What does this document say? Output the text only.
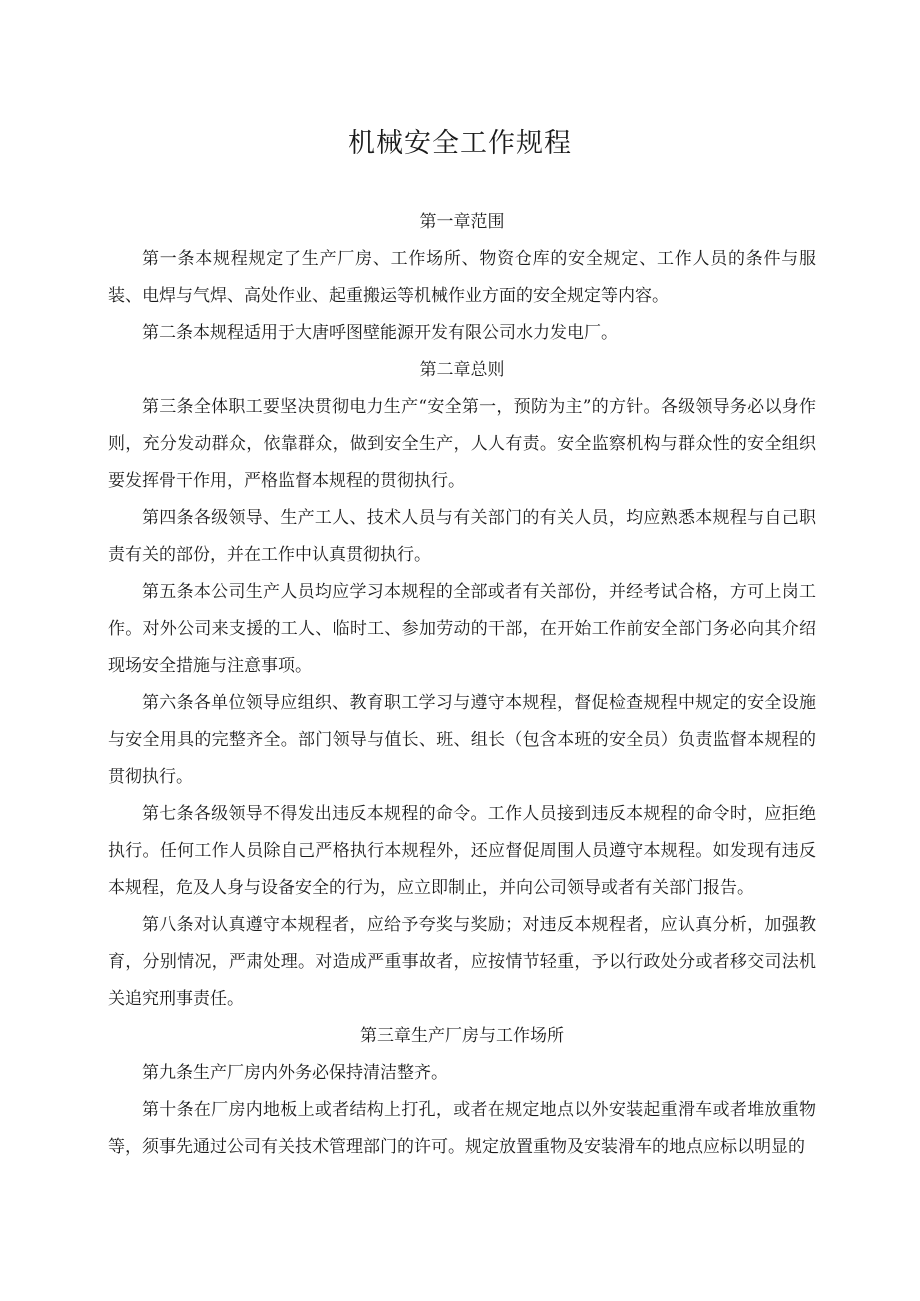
机械安全工作规程
第一章范围

第一条本规程规定了生产厂房、工作场所、物资仓库的安全规定、工作人员的条件与服装、电焊与气焊、高处作业、起重搬运等机械作业方面的安全规定等内容。

第二条本规程适用于大唐呼图壁能源开发有限公司水力发电厂。

第二章总则

第三条全体职工要坚决贯彻电力生产“安全第一，预防为主”的方针。各级领导务必以身作则，充分发动群众，依靠群众，做到安全生产，人人有责。安全监察机构与群众性的安全组织要发挥骨干作用，严格监督本规程的贯彻执行。

第四条各级领导、生产工人、技术人员与有关部门的有关人员，均应熟悉本规程与自己职责有关的部份，并在工作中认真贯彻执行。

第五条本公司生产人员均应学习本规程的全部或者有关部份，并经考试合格，方可上岗工作。对外公司来支援的工人、临时工、参加劳动的干部，在开始工作前安全部门务必向其介绍现场安全措施与注意事项。

第六条各单位领导应组织、教育职工学习与遵守本规程，督促检查规程中规定的安全设施与安全用具的完整齐全。部门领导与值长、班、组长（包含本班的安全员）负责监督本规程的贯彻执行。

第七条各级领导不得发出违反本规程的命令。工作人员接到违反本规程的命令时，应拒绝执行。任何工作人员除自己严格执行本规程外，还应督促周围人员遵守本规程。如发现有违反本规程，危及人身与设备安全的行为，应立即制止，并向公司领导或者有关部门报告。

第八条对认真遵守本规程者，应给予夸奖与奖励；对违反本规程者，应认真分析，加强教育，分别情况，严肃处理。对造成严重事故者，应按情节轻重，予以行政处分或者移交司法机关追究刑事责任。

第三章生产厂房与工作场所

第九条生产厂房内外务必保持清洁整齐。

第十条在厂房内地板上或者结构上打孔，或者在规定地点以外安装起重滑车或者堆放重物等，须事先通过公司有关技术管理部门的许可。规定放置重物及安装滑车的地点应标以明显的
